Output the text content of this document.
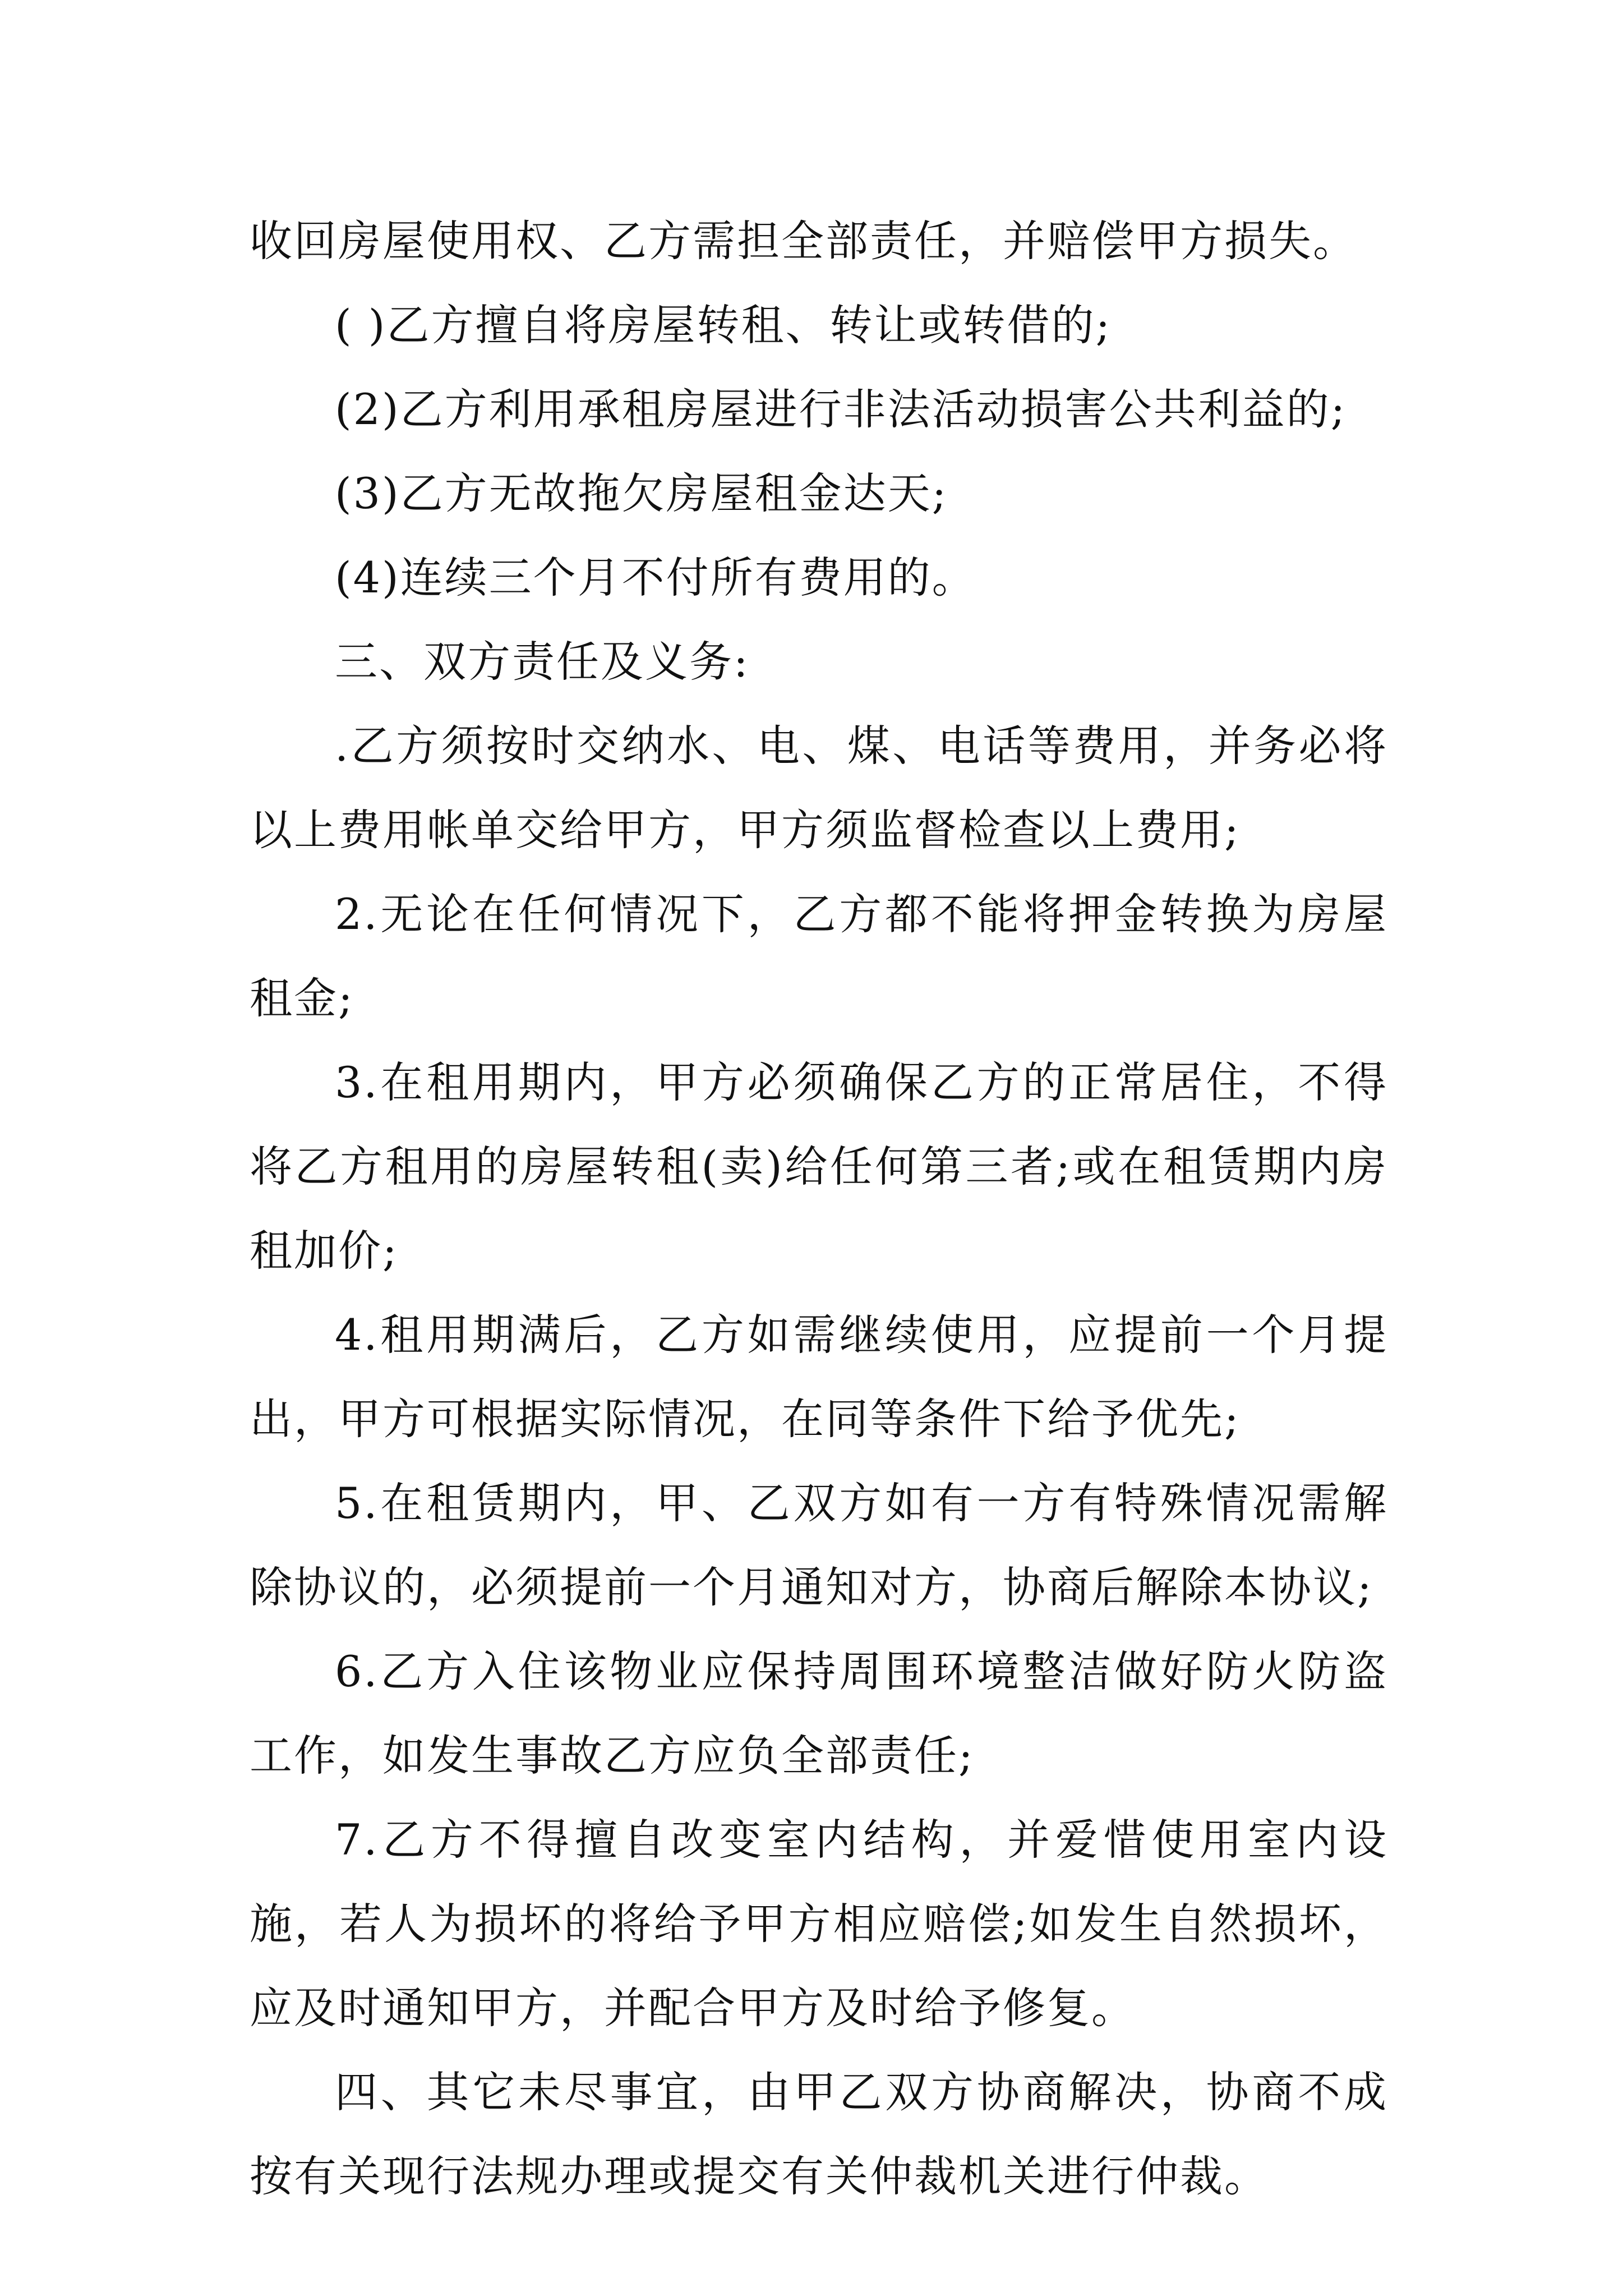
收回房屋使用权、乙方需担全部责任，并赔偿甲方损失。

( )乙方擅自将房屋转租、转让或转借的;

(2)乙方利用承租房屋进行非法活动损害公共利益的;

(3)乙方无故拖欠房屋租金达天;

(4)连续三个月不付所有费用的。

三、双方责任及义务:

.乙方须按时交纳水、电、煤、电话等费用，并务必将以上费用帐单交给甲方，甲方须监督检查以上费用;

2.无论在任何情况下，乙方都不能将押金转换为房屋租金;

3.在租用期内，甲方必须确保乙方的正常居住，不得将乙方租用的房屋转租(卖)给任何第三者;或在租赁期内房租加价;

4.租用期满后，乙方如需继续使用，应提前一个月提出，甲方可根据实际情况，在同等条件下给予优先;

5.在租赁期内，甲、乙双方如有一方有特殊情况需解除协议的，必须提前一个月通知对方，协商后解除本协议;

6.乙方入住该物业应保持周围环境整洁做好防火防盗工作，如发生事故乙方应负全部责任;

7.乙方不得擅自改变室内结构，并爱惜使用室内设施，若人为损坏的将给予甲方相应赔偿;如发生自然损坏，应及时通知甲方，并配合甲方及时给予修复。

四、其它未尽事宜，由甲乙双方协商解决，协商不成按有关现行法规办理或提交有关仲裁机关进行仲裁。
